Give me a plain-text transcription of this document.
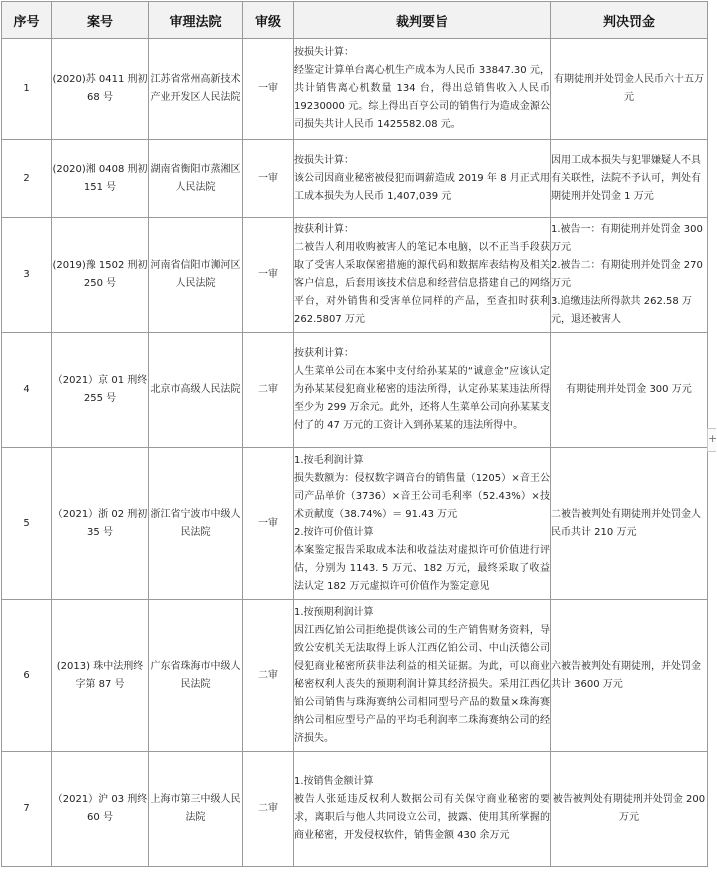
序号	案号	审理法院	审级	裁判要旨	判决罚金
1	(2020)苏 0411 刑初 68 号	江苏省常州高新技术产业开发区人民法院	一审	按损失计算：
经鉴定计算单台离心机生产成本为人民币 33847.30 元，共计销售离心机数量 134 台，得出总销售收入人民币 19230000 元。综上得出百亨公司的销售行为造成金源公司损失共计人民币 1425582.08 元。	有期徒刑并处罚金人民币六十五万元
2	(2020)湘 0408 刑初 151 号	湖南省衡阳市蒸湘区人民法院	一审	按损失计算：
该公司因商业秘密被侵犯而调薪造成 2019 年 8 月正式用工成本损失为人民币 1,407,039 元	因用工成本损失与犯罪嫌疑人不具有关联性，法院不予认可，判处有期徒刑并处罚金 1 万元
3	(2019)豫 1502 刑初 250 号	河南省信阳市浉河区人民法院	一审	按获利计算：
二被告人利用收购被害人的笔记本电脑，以不正当手段获取了受害人采取保密措施的源代码和数据库表结构及相关客户信息，后套用该技术信息和经营信息搭建自己的网络平台，对外销售和受害单位同样的产品，至查扣时获利 262.5807 万元	1.被告一：有期徒刑并处罚金 300 万元
2.被告二：有期徒刑并处罚金 270 万元
3.追缴违法所得款共 262.58 万元，退还被害人

4	（2021）京 01 刑终 255 号	北京市高级人民法院	二审	按获利计算：
人生菜单公司在本案中支付给孙某某的“诚意金”应该认定为孙某某侵犯商业秘密的违法所得，认定孙某某违法所得至少为 299 万余元。此外，还将人生菜单公司向孙某某支付了的 47 万元的工资计入到孙某某的违法所得中。	有期徒刑并处罚金 300 万元
5	（2021）浙 02 刑初 35 号	浙江省宁波市中级人民法院	一审	1.按毛利润计算
损失数额为：侵权数字调音台的销售量（1205）×音王公司产品单价（3736）×音王公司毛利率（52.43%）×技术贡献度（38.74%）＝ 91.43 万元
2.按许可价值计算
本案鉴定报告采取成本法和收益法对虚拟许可价值进行评估，分别为 1143. 5 万元、182 万元，最终采取了收益法认定 182 万元虚拟许可价值作为鉴定意见	二被告被判处有期徒刑并处罚金人民币共计 210 万元
6	(2013) 珠中法刑终字第 87 号	广东省珠海市中级人民法院	二审	1.按预期利润计算
因江西亿铂公司拒绝提供该公司的生产销售财务资料，导致公安机关无法取得上诉人江西亿铂公司、中山沃德公司侵犯商业秘密所获非法利益的相关证据。为此，可以商业秘密权利人丧失的预期利润计算其经济损失。采用江西亿铂公司销售与珠海赛纳公司相同型号产品的数量×珠海赛纳公司相应型号产品的平均毛利润率二珠海赛纳公司的经济损失。	六被告被判处有期徒刑，并处罚金共计 3600 万元
7	（2021）沪 03 刑终 60 号	上海市第三中级人民法院	二审	1.按销售金额计算
被告人张延违反权利人数据公司有关保守商业秘密的要求，离职后与他人共同设立公司，披露、使用其所掌握的商业秘密，开发侵权软件，销售金额 430 余万元	被告被判处有期徒刑并处罚金 200 万元
+
